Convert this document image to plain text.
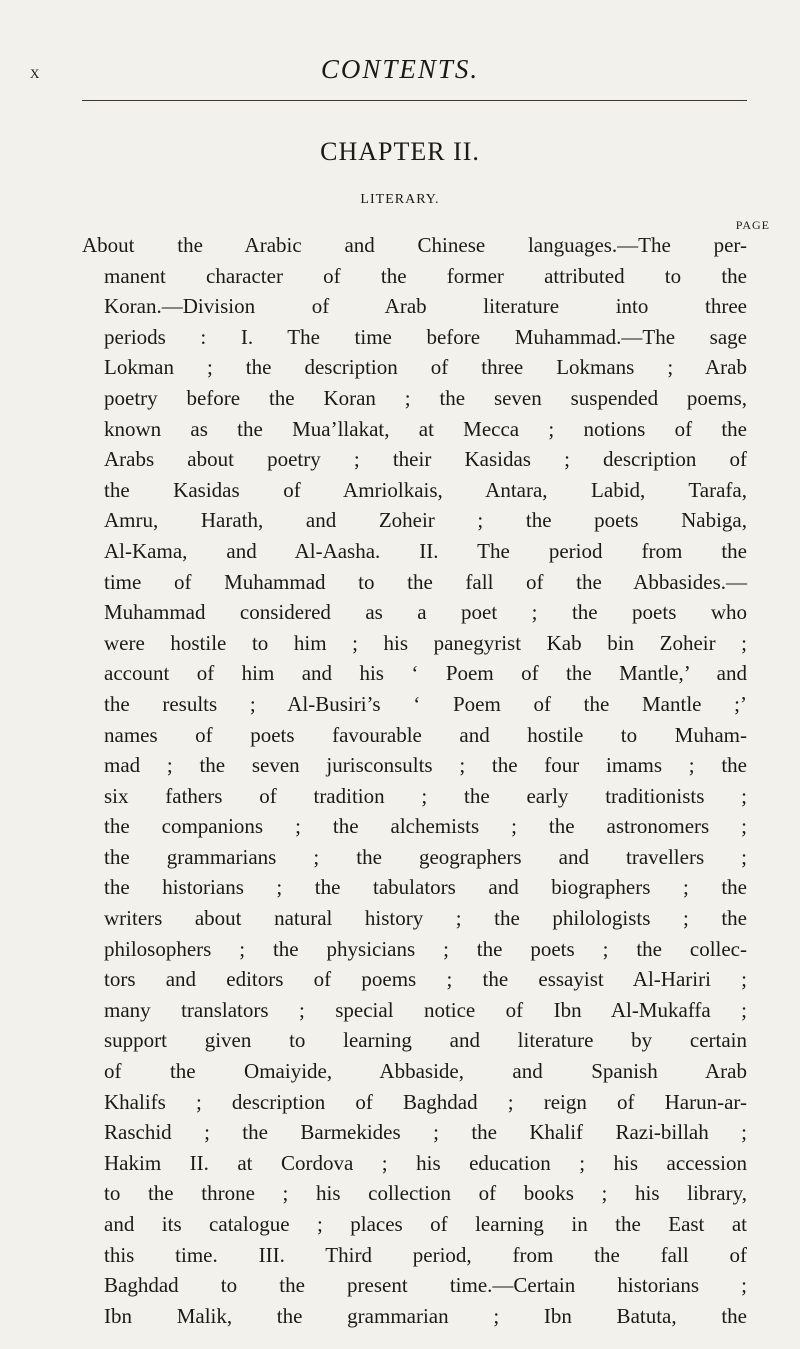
X	CONTENTS.
CHAPTER II.
LITERARY.
PAGE
About the Arabic and Chinese languages.—The per-
manent character of the former attributed to the
Koran.—Division of Arab literature into three
periods : I. The time before Muhammad.—The sage
Lokman ; the description of three Lokmans ; Arab
poetry before the Koran ; the seven suspended poems,
known as the Mua’llakat, at Mecca ; notions of the
Arabs about poetry ; their Kasidas ; description of
the Kasidas of Amriolkais, Antara, Labid, Tarafa,
Amru, Harath, and Zoheir ; the poets Nabiga,
Al-Kama, and Al-Aasha. II. The period from the
time of Muhammad to the fall of the Abbasides.—
Muhammad considered as a poet ; the poets who
were hostile to him ; his panegyrist Kab bin Zoheir ;
account of him and his ‘ Poem of the Mantle,’ and
the results ; Al-Busiri’s ‘ Poem of the Mantle ;’
names of poets favourable and hostile to Muham-
mad ; the seven jurisconsults ; the four imams ; the
six fathers of tradition ; the early traditionists ;
the companions ; the alchemists ; the astronomers ;
the grammarians ; the geographers and travellers ;
the historians ; the tabulators and biographers ; the
writers about natural history ; the philologists ; the
philosophers ; the physicians ; the poets ; the collec-
tors and editors of poems ; the essayist Al-Hariri ;
many translators ; special notice of Ibn Al-Mukaffa ;
support given to learning and literature by certain
of the Omaiyide, Abbaside, and Spanish Arab
Khalifs ; description of Baghdad ; reign of Harun-ar-
Raschid ; the Barmekides ; the Khalif Razi-billah ;
Hakim II. at Cordova ; his education ; his accession
to the throne ; his collection of books ; his library,
and its catalogue ; places of learning in the East at
this time. III. Third period, from the fall of
Baghdad to the present time.—Certain historians ;
Ibn Malik, the grammarian ; Ibn Batuta, the
